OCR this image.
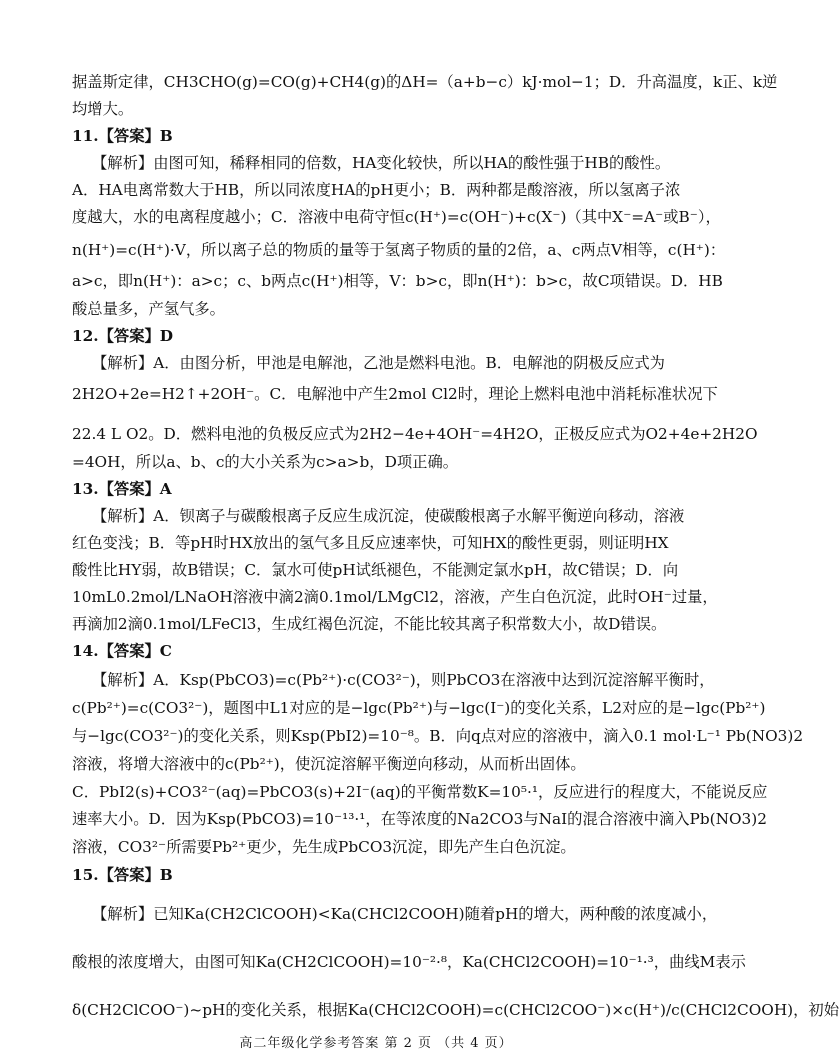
据盖斯定律，CH3CHO(g)=CO(g)+CH4(g)的ΔH=（a+b−c）kJ·mol−1；D．升高温度，k正、k逆
均增大。
11.【答案】B
【解析】由图可知，稀释相同的倍数，HA变化较快，所以HA的酸性强于HB的酸性。
A．HA电离常数大于HB，所以同浓度HA的pH更小；B．两种都是酸溶液，所以氢离子浓
度越大，水的电离程度越小；C．溶液中电荷守恒c(H⁺)=c(OH⁻)+c(X⁻)（其中X⁻=A⁻或B⁻），
n(H⁺)=c(H⁺)·V，所以离子总的物质的量等于氢离子物质的量的2倍，a、c两点V相等，c(H⁺)：
a>c，即n(H⁺)：a>c；c、b两点c(H⁺)相等，V：b>c，即n(H⁺)：b>c，故C项错误。D．HB
酸总量多，产氢气多。
12.【答案】D
【解析】A．由图分析，甲池是电解池，乙池是燃料电池。B．电解池的阴极反应式为
2H2O+2e=H2↑+2OH⁻。C．电解池中产生2mol Cl2时，理论上燃料电池中消耗标准状况下
22.4 L O2。D．燃料电池的负极反应式为2H2−4e+4OH⁻=4H2O，正极反应式为O2+4e+2H2O
=4OH，所以a、b、c的大小关系为c>a>b，D项正确。
13.【答案】A
【解析】A．钡离子与碳酸根离子反应生成沉淀，使碳酸根离子水解平衡逆向移动，溶液
红色变浅；B．等pH时HX放出的氢气多且反应速率快，可知HX的酸性更弱，则证明HX
酸性比HY弱，故B错误；C．氯水可使pH试纸褪色，不能测定氯水pH，故C错误；D．向
10mL0.2mol/LNaOH溶液中滴2滴0.1mol/LMgCl2，溶液，产生白色沉淀，此时OH⁻过量，
再滴加2滴0.1mol/LFeCl3，生成红褐色沉淀，不能比较其离子积常数大小，故D错误。
14.【答案】C
【解析】A．Ksp(PbCO3)=c(Pb²⁺)·c(CO3²⁻)，则PbCO3在溶液中达到沉淀溶解平衡时，
c(Pb²⁺)=c(CO3²⁻)，题图中L1对应的是−lgc(Pb²⁺)与−lgc(I⁻)的变化关系，L2对应的是−lgc(Pb²⁺)
与−lgc(CO3²⁻)的变化关系，则Ksp(PbI2)=10⁻⁸。B．向q点对应的溶液中，滴入0.1 mol·L⁻¹ Pb(NO3)2
溶液，将增大溶液中的c(Pb²⁺)，使沉淀溶解平衡逆向移动，从而析出固体。
C．PbI2(s)+CO3²⁻(aq)=PbCO3(s)+2I⁻(aq)的平衡常数K=10⁵·¹，反应进行的程度大，不能说反应
速率大小。D．因为Ksp(PbCO3)=10⁻¹³·¹，在等浓度的Na2CO3与NaI的混合溶液中滴入Pb(NO3)2
溶液，CO3²⁻所需要Pb²⁺更少，先生成PbCO3沉淀，即先产生白色沉淀。
15.【答案】B
【解析】已知Ka(CH2ClCOOH)<Ka(CHCl2COOH)随着pH的增大，两种酸的浓度减小，
酸根的浓度增大，由图可知Ka(CH2ClCOOH)=10⁻²·⁸，Ka(CHCl2COOH)=10⁻¹·³，曲线M表示
δ(CH2ClCOO⁻)~pH的变化关系，根据Ka(CHCl2COOH)=c(CHCl2COO⁻)×c(H⁺)/c(CHCl2COOH)，初始
高二年级化学参考答案 第 2 页 （共 4 页）
